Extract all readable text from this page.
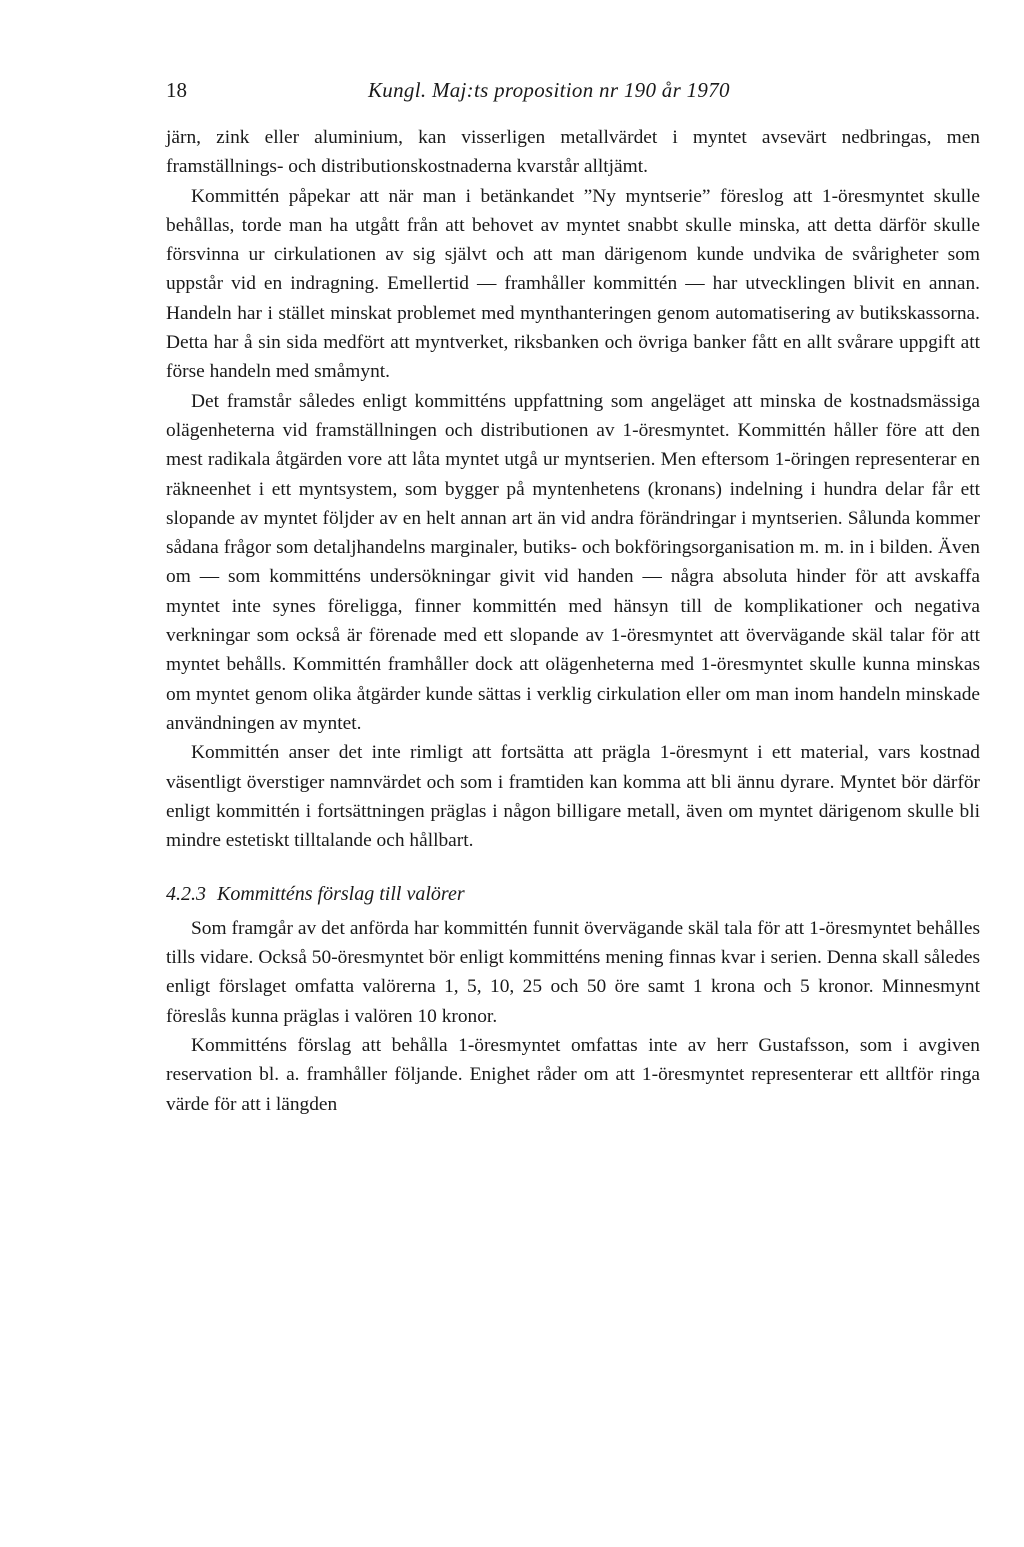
18	Kungl. Maj:ts proposition nr 190 år 1970

järn, zink eller aluminium, kan visserligen metallvärdet i myntet avsevärt nedbringas, men framställnings- och distributionskostnaderna kvarstår alltjämt.

Kommittén påpekar att när man i betänkandet ”Ny myntserie” föreslog att 1-öresmyntet skulle behållas, torde man ha utgått från att behovet av myntet snabbt skulle minska, att detta därför skulle försvinna ur cirkulationen av sig självt och att man därigenom kunde undvika de svårigheter som uppstår vid en indragning. Emellertid — framhåller kommittén — har utvecklingen blivit en annan. Handeln har i stället minskat problemet med mynthanteringen genom automatisering av butikskassorna. Detta har å sin sida medfört att myntverket, riksbanken och övriga banker fått en allt svårare uppgift att förse handeln med småmynt.

Det framstår således enligt kommitténs uppfattning som angeläget att minska de kostnadsmässiga olägenheterna vid framställningen och distributionen av 1-öresmyntet. Kommittén håller före att den mest radikala åtgärden vore att låta myntet utgå ur myntserien. Men eftersom 1-öringen representerar en räkneenhet i ett myntsystem, som bygger på myntenhetens (kronans) indelning i hundra delar får ett slopande av myntet följder av en helt annan art än vid andra förändringar i myntserien. Sålunda kommer sådana frågor som detaljhandelns marginaler, butiks- och bokföringsorganisation m. m. in i bilden. Även om — som kommitténs undersökningar givit vid handen — några absoluta hinder för att avskaffa myntet inte synes föreligga, finner kommittén med hänsyn till de komplikationer och negativa verkningar som också är förenade med ett slopande av 1-öresmyntet att övervägande skäl talar för att myntet behålls. Kommittén framhåller dock att olägenheterna med 1-öresmyntet skulle kunna minskas om myntet genom olika åtgärder kunde sättas i verklig cirkulation eller om man inom handeln minskade användningen av myntet.

Kommittén anser det inte rimligt att fortsätta att prägla 1-öresmynt i ett material, vars kostnad väsentligt överstiger namnvärdet och som i framtiden kan komma att bli ännu dyrare. Myntet bör därför enligt kommittén i fortsättningen präglas i någon billigare metall, även om myntet därigenom skulle bli mindre estetiskt tilltalande och hållbart.

4.2.3 Kommitténs förslag till valörer

Som framgår av det anförda har kommittén funnit övervägande skäl tala för att 1-öresmyntet behålles tills vidare. Också 50-öresmyntet bör enligt kommitténs mening finnas kvar i serien. Denna skall således enligt förslaget omfatta valörerna 1, 5, 10, 25 och 50 öre samt 1 krona och 5 kronor. Minnesmynt föreslås kunna präglas i valören 10 kronor.

Kommitténs förslag att behålla 1-öresmyntet omfattas inte av herr Gustafsson, som i avgiven reservation bl. a. framhåller följande. Enighet råder om att 1-öresmyntet representerar ett alltför ringa värde för att i längden
